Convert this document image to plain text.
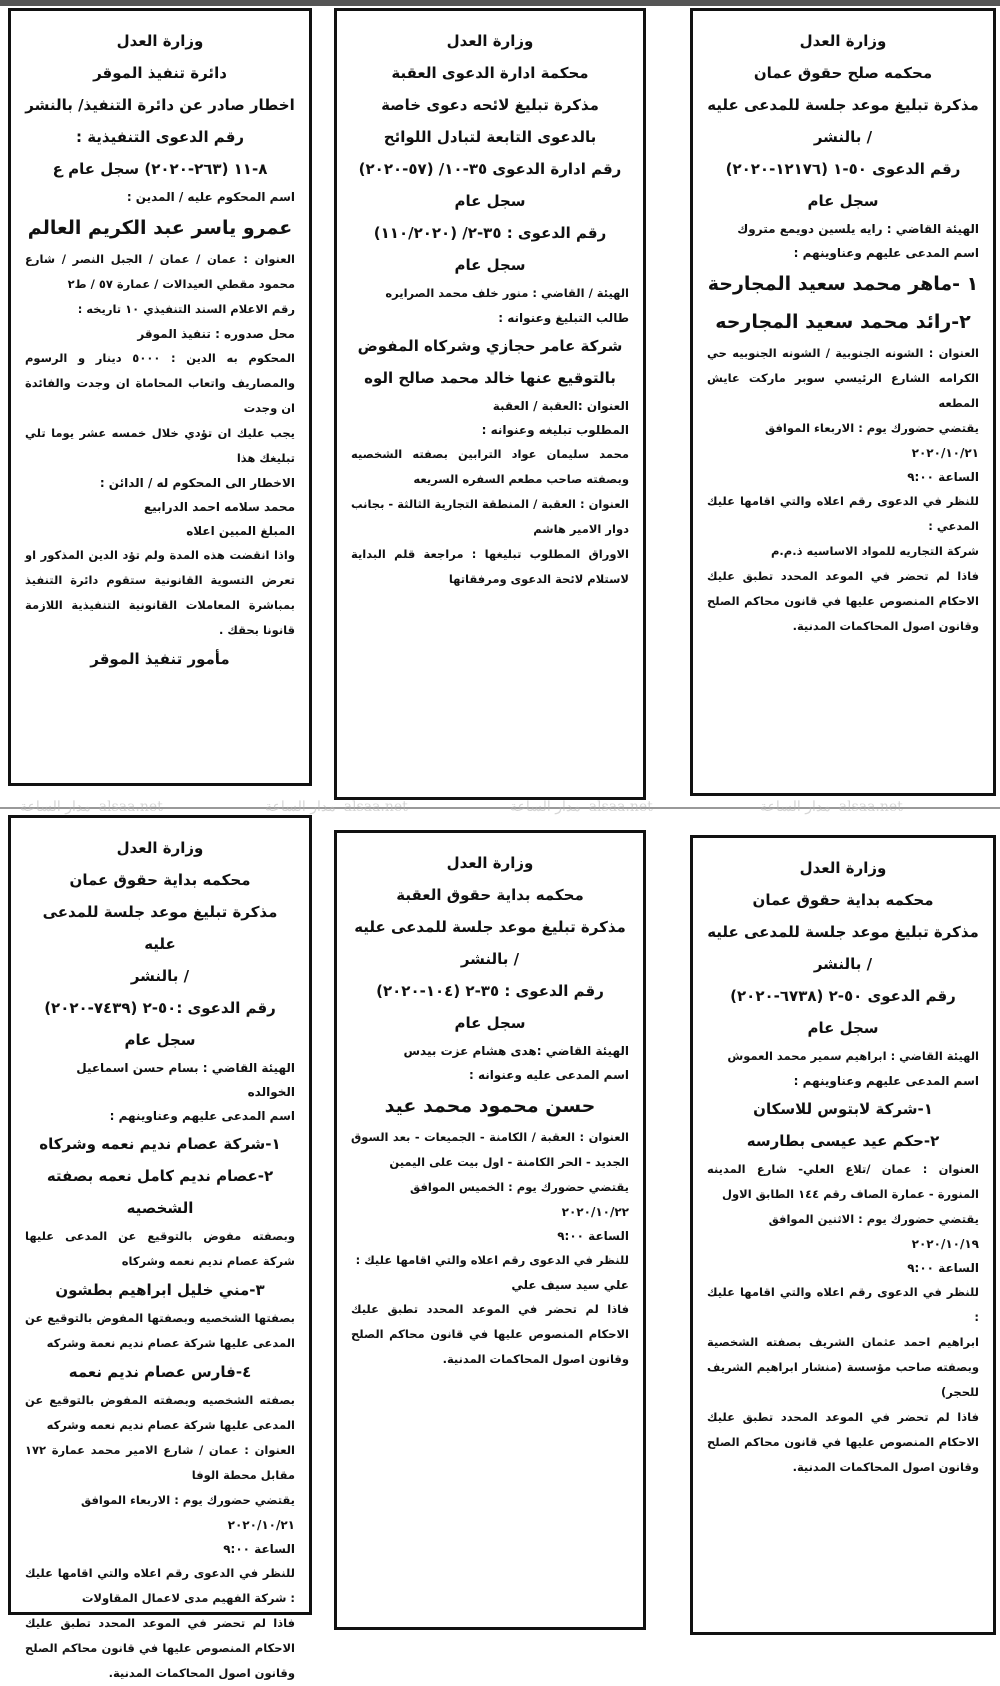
وزارة العدل

محكمه صلح حقوق عمان

مذكرة تبليغ موعد جلسة للمدعى عليه

/ بالنشر

رقم الدعوى ٥٠-١ (١٢١٧٦-٢٠٢٠)

سجل عام

الهيئة القاضي : رايه يلسين دويمع متروك

اسم المدعى عليهم وعناوينهم :

١ -ماهر محمد سعيد المجارحة

٢-رائد محمد سعيد المجارحه

العنوان : الشونه الجنوبية / الشونه الجنوبيه حي الكرامه الشارع الرئيسي سوبر ماركت عايش المطعه

يقتضي حضورك يوم : الاربعاء الموافق

٢٠٢٠/١٠/٢١

الساعة ٩:٠٠

للنظر في الدعوى رقم اعلاه والتي اقامها عليك المدعي :

شركة التجاريه للمواد الاساسيه ذ.م.م

فاذا لم تحضر في الموعد المحدد تطبق عليك الاحكام المنصوص عليها في قانون محاكم الصلح وقانون اصول المحاكمات المدنية.

وزارة العدل

محكمة ادارة الدعوى العقبة

مذكرة تبليغ لائحه دعوى خاصة

بالدعوى التابعة لتبادل اللوائح

رقم ادارة الدعوى ٣٥-١٠/ (٥٧-٢٠٢٠)

سجل عام

رقم الدعوى : ٣٥-٢/ (١١٠/٢٠٢٠)

سجل عام

الهيئة / القاضي : منور خلف محمد الصرايره

طالب التبليغ وعنوانه :

شركة عامر حجازي وشركاه المفوض

بالتوقيع عنها خالد محمد صالح الوه

العنوان :العقبة / العقبة

المطلوب تبليغه وعنوانه :

محمد سليمان عواد الترابين بصفته الشخصيه وبصفته صاحب مطعم السفره السريعه

العنوان : العقبة / المنطقة التجارية الثالثة - بجانب دوار الامير هاشم

الاوراق المطلوب تبليغها : مراجعة قلم البداية لاستلام لائحة الدعوى ومرفقاتها

وزارة العدل

دائرة تنفيذ الموقر

اخطار صادر عن دائرة التنفيذ/ بالنشر

رقم الدعوى التنفيذية :

٨-١١ (٢٦٣-٢٠٢٠) سجل عام ع

اسم المحكوم عليه / المدين :

عمرو ياسر عبد الكريم العالم

العنوان : عمان / عمان / الجبل النصر / شارع محمود مقطي العيدالات / عمارة ٥٧ / ط٢

رقم الاعلام السند التنفيذي ١٠ تاريخه :

محل صدوره : تنفيذ الموقر

المحكوم به الدين : ٥٠٠٠ دينار و الرسوم والمصاريف واتعاب المحاماة ان وجدت والفائدة ان وجدت

يجب عليك ان تؤدي خلال خمسه عشر يوما تلي تبليغك هذا

الاخطار الى المحكوم له / الدائن :

محمد سلامه احمد الدرابيع

المبلغ المبين اعلاه

واذا انقضت هذه المدة ولم تؤد الدين المذكور او تعرض التسوية القانونية ستقوم دائرة التنفيذ بمباشرة المعاملات القانونية التنفيذية اللازمة قانونا بحقك .

مأمور تنفيذ الموقر

وزارة العدل

محكمه بداية حقوق عمان

مذكرة تبليغ موعد جلسة للمدعى عليه

/ بالنشر

رقم الدعوى ٥٠-٢ (٦٧٣٨-٢٠٢٠)

سجل عام

الهيئة القاضي : ابراهيم سمير محمد العموش

اسم المدعى عليهم وعناوينهم :

١-شركة لابتوس للاسكان

٢-حكم عيد عيسى بطارسه

العنوان : عمان /تلاع العلي- شارع المدينه المنورة - عمارة الصاف رقم ١٤٤ الطابق الاول

يقتضي حضورك يوم : الاثنين الموافق

٢٠٢٠/١٠/١٩

الساعة ٩:٠٠

للنظر في الدعوى رقم اعلاه والتي اقامها عليك :

ابراهيم احمد عثمان الشريف بصفته الشخصية وبصفته صاحب مؤسسة (منشار ابراهيم الشريف للحجر)

فاذا لم تحضر في الموعد المحدد تطبق عليك الاحكام المنصوص عليها في قانون محاكم الصلح وقانون اصول المحاكمات المدنية.

وزارة العدل

محكمه بداية حقوق العقبة

مذكرة تبليغ موعد جلسة للمدعى عليه

/ بالنشر

رقم الدعوى : ٣٥-٢ (١٠٤-٢٠٢٠)

سجل عام

الهيئة القاضي :هدى هشام عزت بيدس

اسم المدعى عليه وعنوانه :

حسن محمود محمد عيد

العنوان : العقبة / الكامنة - الجميعات - بعد السوق الجديد - الحر الكامنة - اول بيت على اليمين

يقتضي حضورك يوم : الخميس الموافق

٢٠٢٠/١٠/٢٢

الساعة ٩:٠٠

للنظر في الدعوى رقم اعلاه والتي اقامها عليك :

علي سيد سيف علي

فاذا لم تحضر في الموعد المحدد تطبق عليك الاحكام المنصوص عليها في قانون محاكم الصلح وقانون اصول المحاكمات المدنية.

وزارة العدل

محكمه بداية حقوق عمان

مذكرة تبليغ موعد جلسة للمدعى عليه

/ بالنشر

رقم الدعوى :٥٠-٢ (٧٤٣٩-٢٠٢٠)

سجل عام

الهيئة القاضي : بسام حسن اسماعيل الخوالده

اسم المدعى عليهم وعناوينهم :

١-شركة عصام نديم نعمه وشركاه

٢-عصام نديم كامل نعمه بصفته الشخصيه

وبصفته مفوض بالتوقيع عن المدعى عليها شركة عصام نديم نعمه وشركاه

٣-مني خليل ابراهيم بطشون

بصفتها الشخصيه وبصفتها المفوض بالتوقيع عن المدعى عليها شركة عصام نديم نعمة وشركه

٤-فارس عصام نديم نعمه

بصفته الشخصيه وبصفته المفوض بالتوقيع عن المدعى عليها شركة عصام نديم نعمه وشركه

العنوان : عمان / شارع الامير محمد عمارة ١٧٢ مقابل محطة الوفا

يقتضي حضورك يوم : الاربعاء الموافق

٢٠٢٠/١٠/٢١

الساعة ٩:٠٠

للنظر في الدعوى رقم اعلاه والتي اقامها عليك : شركة الفهيم مدى لاعمال المقاولات

فاذا لم تحضر في الموعد المحدد تطبق عليك الاحكام المنصوص عليها في قانون محاكم الصلح وقانون اصول المحاكمات المدنية.

مدار الساعة alsaa.net	مدار الساعة alsaa.net	مدار الساعة alsaa.net	مدار الساعة alsaa.net
